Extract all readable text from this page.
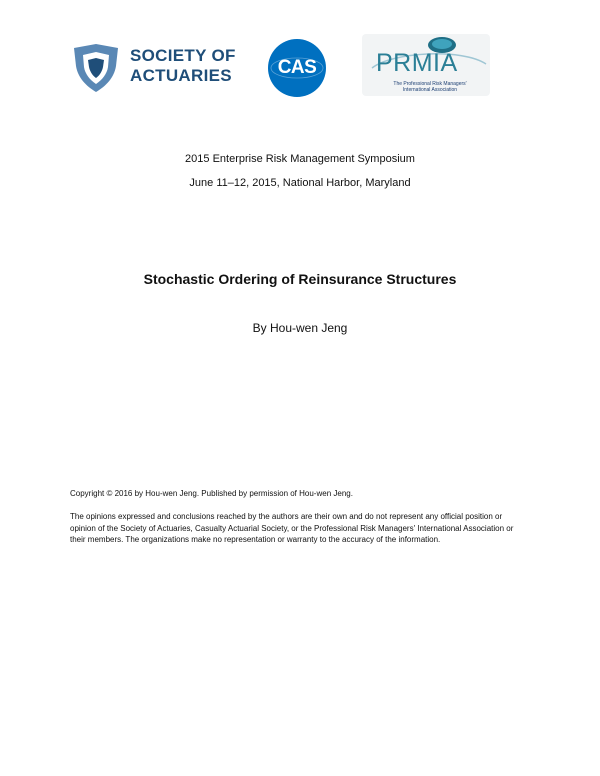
SOCIETY OF
ACTUARIES	CAS	PRMIA
The Professional Risk Managers'
International Association
2015 Enterprise Risk Management Symposium
June 11–12, 2015, National Harbor, Maryland
Stochastic Ordering of Reinsurance Structures
By Hou-wen Jeng
Copyright © 2016 by Hou-wen Jeng. Published by permission of Hou-wen Jeng.
The opinions expressed and conclusions reached by the authors are their own and do not represent any official position or opinion of the Society of Actuaries, Casualty Actuarial Society, or the Professional Risk Managers' International Association or their members. The organizations make no representation or warranty to the accuracy of the information.
